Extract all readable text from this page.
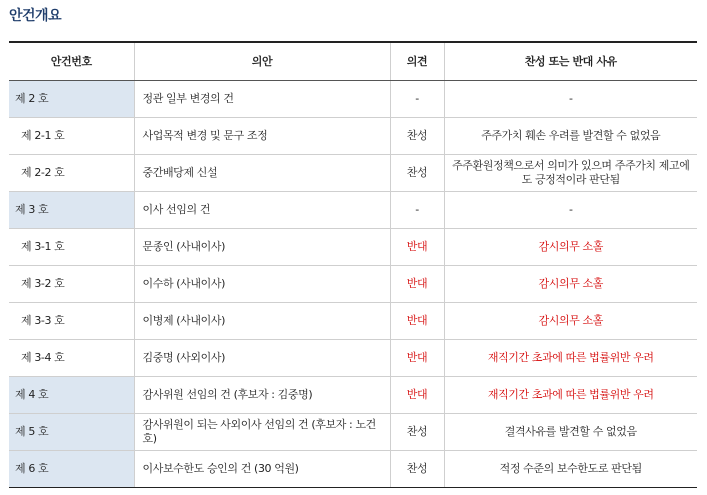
안건개요
안건번호	의안	의견	찬성 또는 반대 사유
제 2 호	정관 일부 변경의 건	-	-
제 2-1 호	사업목적 변경 및 문구 조정	찬성	주주가치 훼손 우려를 발견할 수 없었음
제 2-2 호	중간배당제 신설	찬성	주주환원정책으로서 의미가 있으며 주주가치 제고에도 긍정적이라 판단됨
제 3 호	이사 선임의 건	-	-
제 3-1 호	문종인 (사내이사)	반대	감시의무 소홀
제 3-2 호	이수하 (사내이사)	반대	감시의무 소홀
제 3-3 호	이병제 (사내이사)	반대	감시의무 소홀
제 3-4 호	김중명 (사외이사)	반대	재직기간 초과에 따른 법률위반 우려
제 4 호	감사위원 선임의 건 (후보자 : 김중명)	반대	재직기간 초과에 따른 법률위반 우려
제 5 호	감사위원이 되는 사외이사 선임의 건 (후보자 : 노건호)	찬성	결격사유를 발견할 수 없었음
제 6 호	이사보수한도 승인의 건 (30 억원)	찬성	적정 수준의 보수한도로 판단됨
